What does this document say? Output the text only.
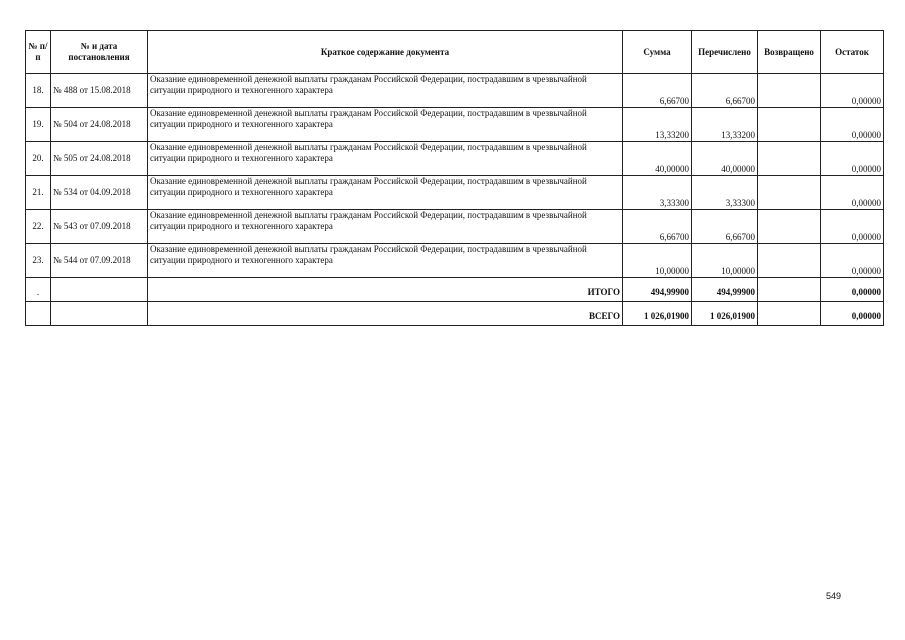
№ п/п	№ и дата постановления	Краткое содержание документа	Сумма	Перечислено	Возвращено	Остаток
18.	№ 488 от 15.08.2018	Оказание единовременной денежной выплаты гражданам Российской Федерации, пострадавшим в чрезвычайной ситуации природного и техногенного характера	6,66700	6,66700		0,00000
19.	№ 504 от 24.08.2018	Оказание единовременной денежной выплаты гражданам Российской Федерации, пострадавшим в чрезвычайной ситуации природного и техногенного характера	13,33200	13,33200		0,00000
20.	№ 505 от 24.08.2018	Оказание единовременной денежной выплаты гражданам Российской Федерации, пострадавшим в чрезвычайной ситуации природного и техногенного характера	40,00000	40,00000		0,00000
21.	№ 534 от 04.09.2018	Оказание единовременной денежной выплаты гражданам Российской Федерации, пострадавшим в чрезвычайной ситуации природного и техногенного характера	3,33300	3,33300		0,00000
22.	№ 543 от 07.09.2018	Оказание единовременной денежной выплаты гражданам Российской Федерации, пострадавшим в чрезвычайной ситуации природного и техногенного характера	6,66700	6,66700		0,00000
23.	№ 544 от 07.09.2018	Оказание единовременной денежной выплаты гражданам Российской Федерации, пострадавшим в чрезвычайной ситуации природного и техногенного характера	10,00000	10,00000		0,00000
.		ИТОГО	494,99900	494,99900		0,00000
		ВСЕГО	1 026,01900	1 026,01900		0,00000
549
